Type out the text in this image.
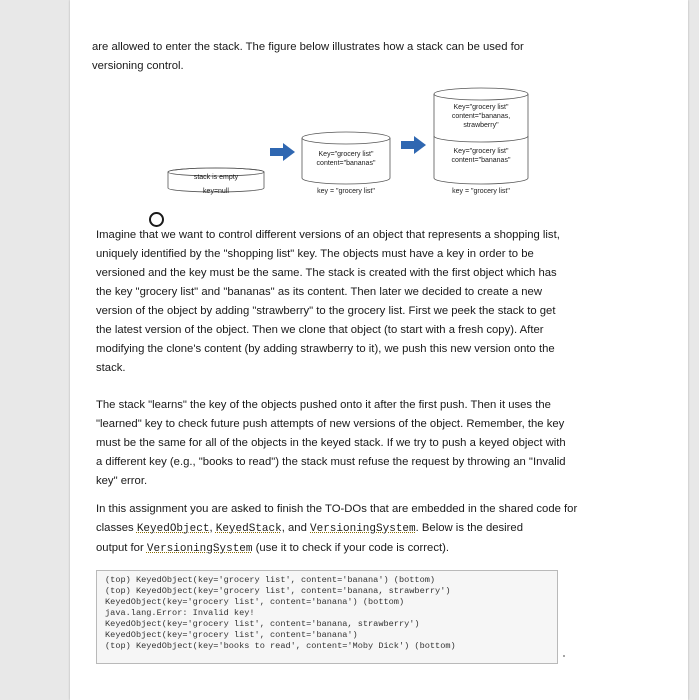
are allowed to enter the stack. The figure below illustrates how a stack can be used for
versioning control.

stack is empty
key=null
Key="grocery list"
content="bananas"
key = "grocery list"
Key="grocery list"
content="bananas,
strawberry"
Key="grocery list"
content="bananas"
key = "grocery list"

Imagine that we want to control different versions of an object that represents a shopping list,
uniquely identified by the "shopping list" key. The objects must have a key in order to be
versioned and the key must be the same. The stack is created with the first object which has
the key "grocery list" and "bananas" as its content. Then later we decided to create a new
version of the object by adding "strawberry" to the grocery list. First we peek the stack to get
the latest version of the object. Then we clone that object (to start with a fresh copy). After
modifying the clone's content (by adding strawberry to it), we push this new version onto the
stack.

The stack "learns" the key of the objects pushed onto it after the first push. Then it uses the
"learned" key to check future push attempts of new versions of the object. Remember, the key
must be the same for all of the objects in the keyed stack. If we try to push a keyed object with
a different key (e.g., "books to read") the stack must refuse the request by throwing an "Invalid
key" error.

In this assignment you are asked to finish the TO-DOs that are embedded in the shared code for
classes KeyedObject, KeyedStack, and VersioningSystem. Below is the desired
output for VersioningSystem (use it to check if your code is correct).

(top) KeyedObject(key='grocery list', content='banana') (bottom)
(top) KeyedObject(key='grocery list', content='banana, strawberry')
KeyedObject(key='grocery list', content='banana') (bottom)
java.lang.Error: Invalid key!
KeyedObject(key='grocery list', content='banana, strawberry')
KeyedObject(key='grocery list', content='banana')
(top) KeyedObject(key='books to read', content='Moby Dick') (bottom)
